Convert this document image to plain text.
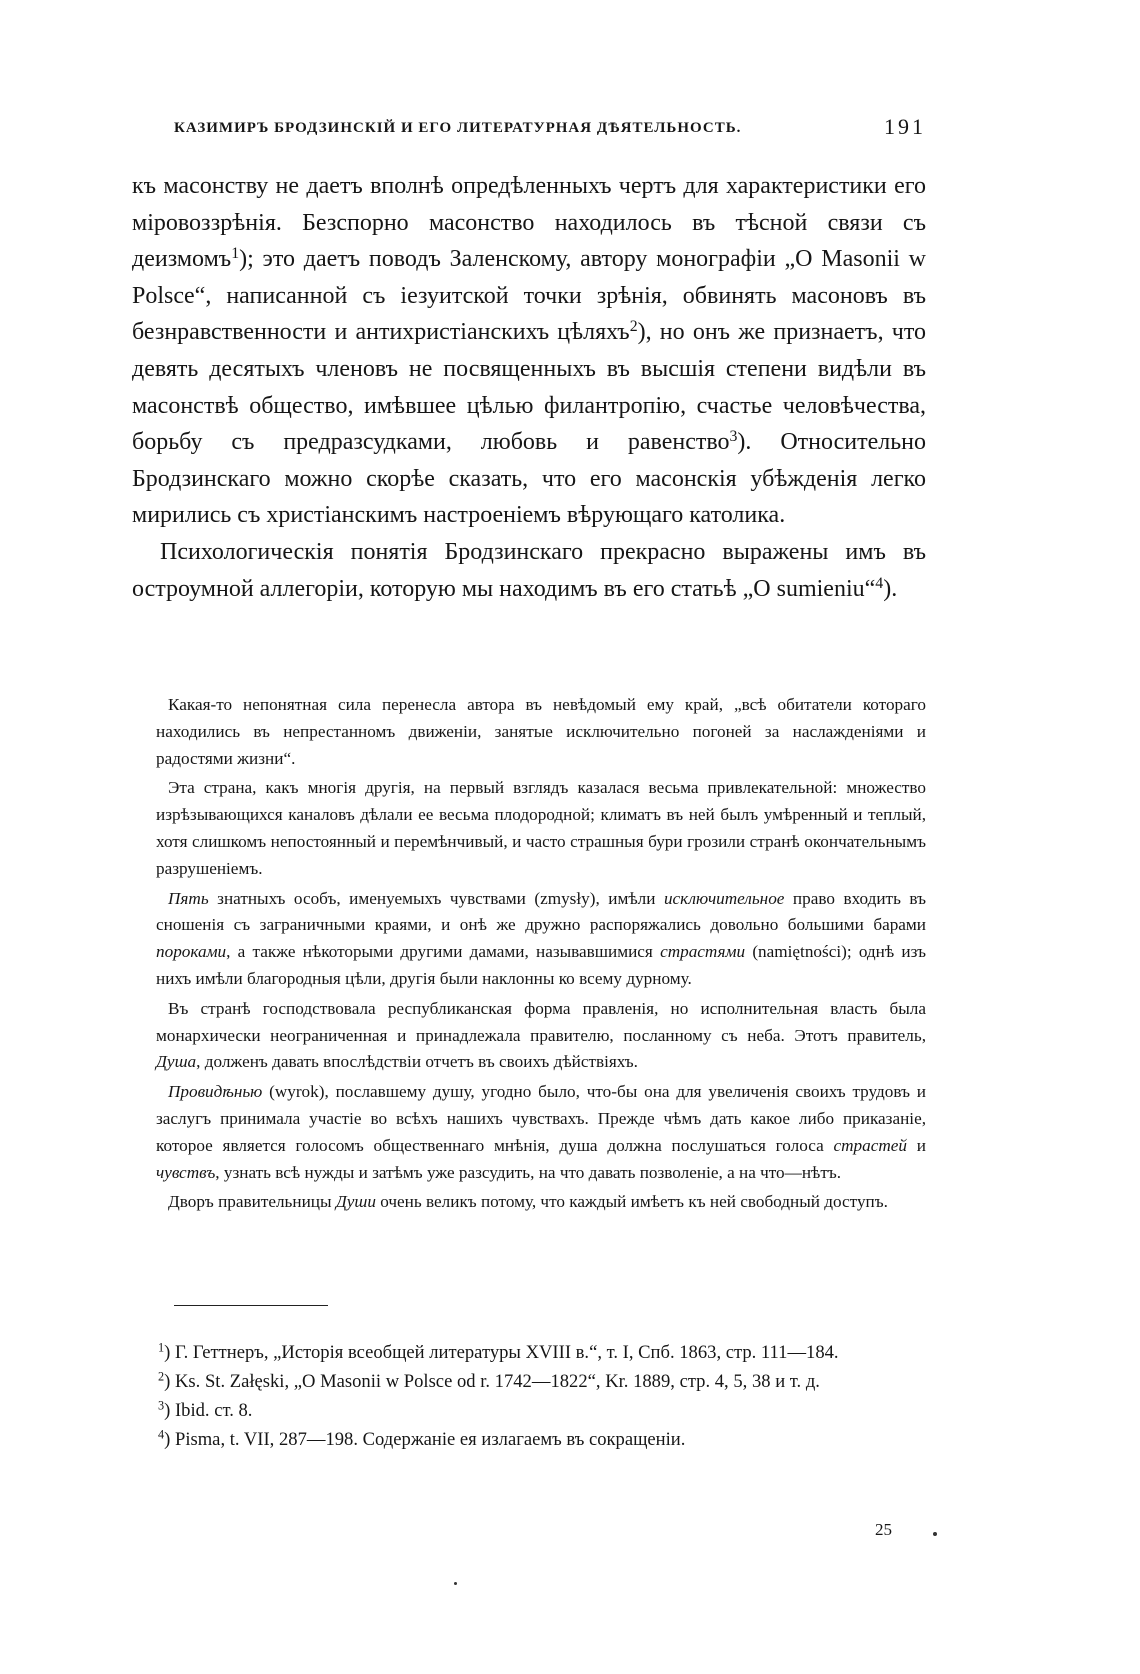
КАЗИМИРЪ БРОДЗИНСКІЙ И ЕГО ЛИТЕРАТУРНАЯ ДѢЯТЕЛЬНОСТЬ.	191

къ масонству не даетъ вполнѣ опредѣленныхъ чертъ для характеристики его міровоззрѣнія. Безспорно масонство находилось въ тѣсной связи съ деизмомъ$^1$); это даетъ поводъ Заленскому, автору монографіи „O Masonii w Polsce“, написанной съ іезуитской точки зрѣнія, обвинять масоновъ въ безнравственности и антихристіанскихъ цѣляхъ$^2$), но онъ же признаетъ, что девять десятыхъ членовъ не посвященныхъ въ высшія степени видѣли въ масонствѣ общество, имѣвшее цѣлью филантропію, счастье человѣчества, борьбу съ предразсудками, любовь и равенство$^3$). Относительно Бродзинскаго можно скорѣе сказать, что его масонскія убѣжденія легко мирились съ христіанскимъ настроеніемъ вѣрующаго католика.

Психологическія понятія Бродзинскаго прекрасно выражены имъ въ остроумной аллегоріи, которую мы находимъ въ его статьѣ „O sumieniu“$^4$).

Какая-то непонятная сила перенесла автора въ невѣдомый ему край, „всѣ обитатели котораго находились въ непрестанномъ движеніи, занятые исключительно погоней за наслажденіями и радостями жизни“.

Эта страна, какъ многія другія, на первый взглядъ казалася весьма привлекательной: множество изрѣзывающихся каналовъ дѣлали ее весьма плодородной; климатъ въ ней былъ умѣренный и теплый, хотя слишкомъ непостоянный и перемѣнчивый, и часто страшныя бури грозили странѣ окончательнымъ разрушеніемъ.

Пять знатныхъ особъ, именуемыхъ чувствами (zmysły), имѣли исключительное право входить въ сношенія съ заграничными краями, и онѣ же дружно распоряжались довольно большими барами пороками, а также нѣкоторыми другими дамами, называвшимися страстями (namiętności); однѣ изъ нихъ имѣли благородныя цѣли, другія были наклонны ко всему дурному.

Въ странѣ господствовала республиканская форма правленія, но исполнительная власть была монархически неограниченная и принадлежала правителю, посланному съ неба. Этотъ правитель, Душа, долженъ давать впослѣдствіи отчетъ въ своихъ дѣйствіяхъ.

Провидѣнью (wyrok), пославшему душу, угодно было, что-бы она для увеличенія своихъ трудовъ и заслугъ принимала участіе во всѣхъ нашихъ чувствахъ. Прежде чѣмъ дать какое либо приказаніе, которое является голосомъ общественнаго мнѣнія, душа должна послушаться голоса страстей и чувствъ, узнать всѣ нужды и затѣмъ уже разсудить, на что давать позволеніе, а на что—нѣтъ.

Дворъ правительницы Души очень великъ потому, что каждый имѣетъ къ ней свободный доступъ.

$^1$) Г. Геттнеръ, „Исторія всеобщей литературы XVIII в.“, т. I, Спб. 1863, стр. 111—184.

$^2$) Ks. St. Załęski, „O Masonii w Polsce od r. 1742—1822“, Kr. 1889, стр. 4, 5, 38 и т. д.

$^3$) Ibid. ст. 8.

$^4$) Pisma, t. VII, 287—198. Содержаніе ея излагаемъ въ сокращеніи.

25
